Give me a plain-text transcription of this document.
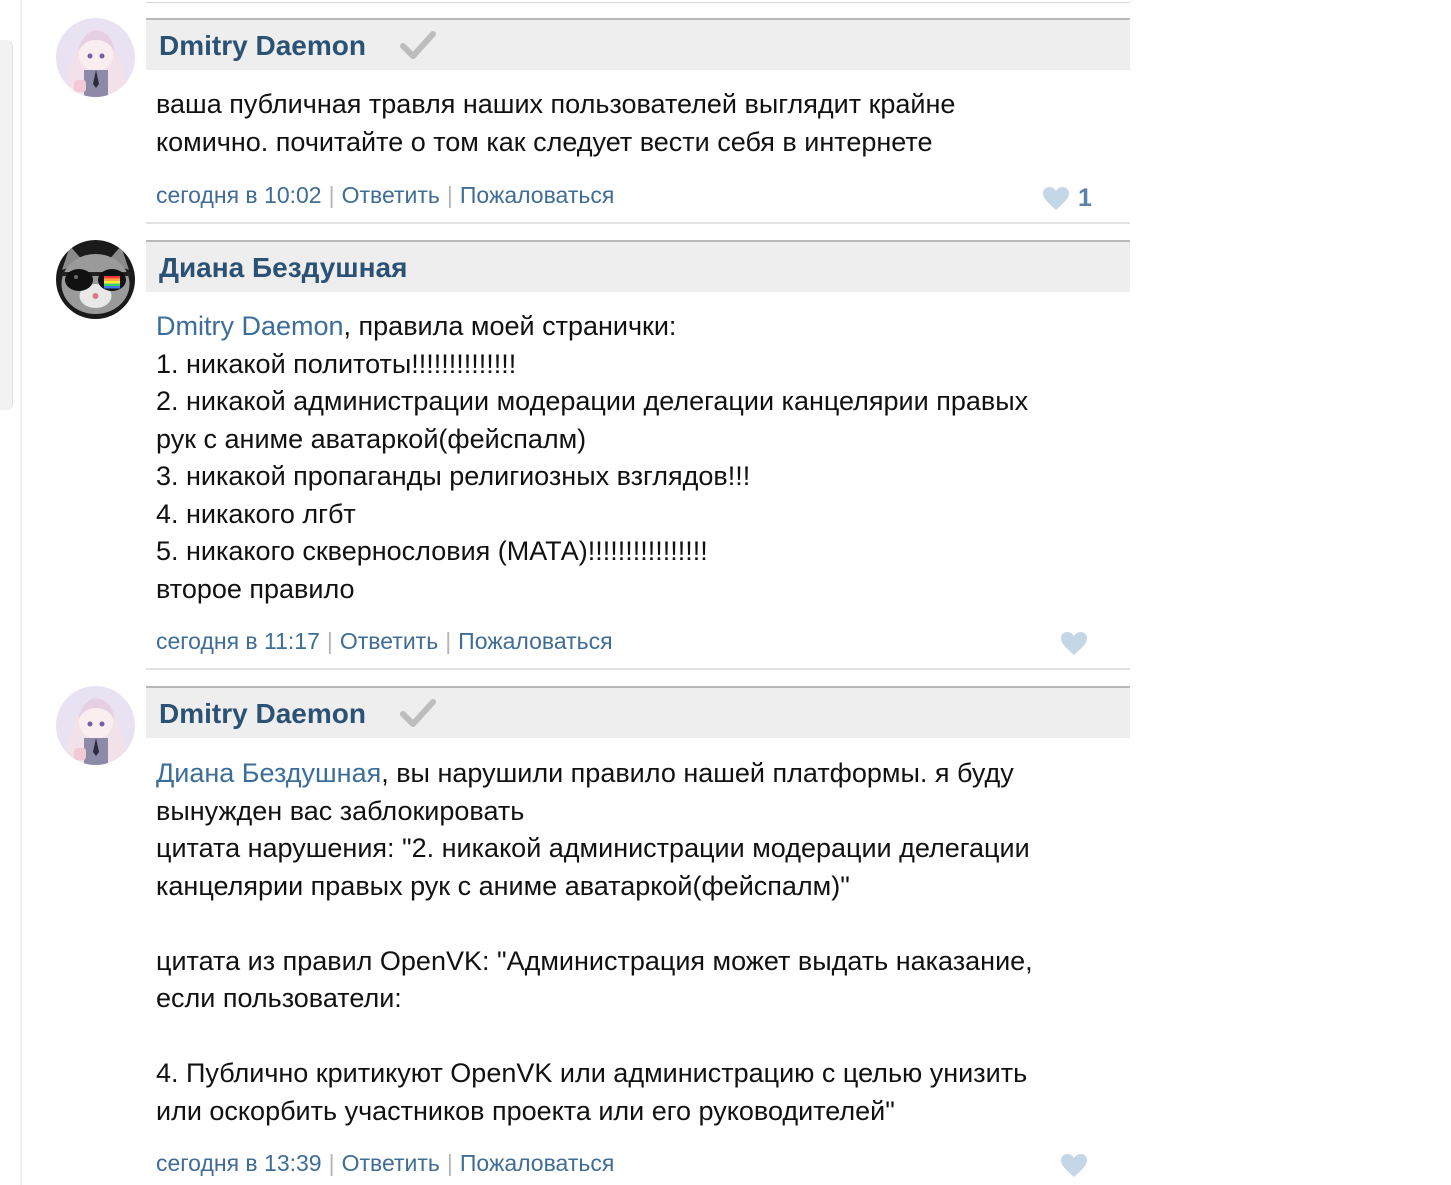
Dmitry Daemon
ваша публичная травля наших пользователей выглядит крайне
комично. почитайте о том как следует вести себя в интернете
сегодня в 10:02 | Ответить | Пожаловаться	1
Диана Бездушная
Dmitry Daemon, правила моей странички:
1. никакой политоты!!!!!!!!!!!!!!
2. никакой администрации модерации делегации канцелярии правых
рук с аниме аватаркой(фейспалм)
3. никакой пропаганды религиозных взглядов!!!
4. никакого лгбт
5. никакого сквернословия (МАТА)!!!!!!!!!!!!!!!!
второе правило
сегодня в 11:17 | Ответить | Пожаловаться
Dmitry Daemon
Диана Бездушная, вы нарушили правило нашей платформы. я буду
вынужден вас заблокировать
цитата нарушения: "2. никакой администрации модерации делегации
канцелярии правых рук с аниме аватаркой(фейспалм)"
цитата из правил OpenVK: "Администрация может выдать наказание,
если пользователи:
4. Публично критикуют OpenVK или администрацию с целью унизить
или оскорбить участников проекта или его руководителей"
сегодня в 13:39 | Ответить | Пожаловаться
